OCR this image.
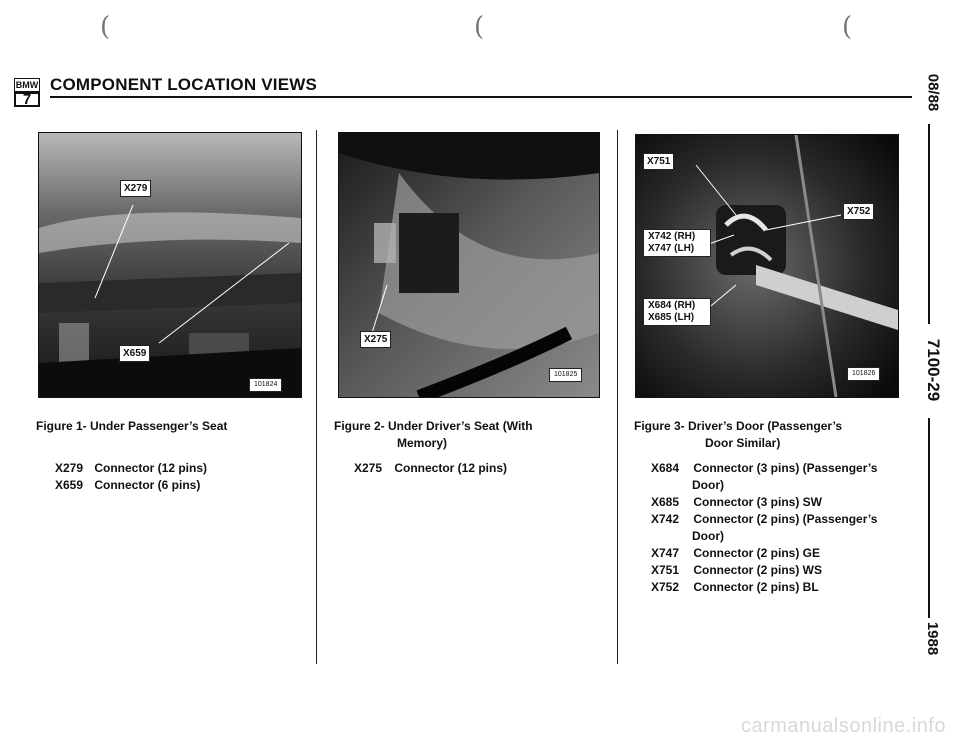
(	(	(
BMW
7
COMPONENT LOCATION VIEWS	08/88
7100-29
1988
X279
X659
101824
X275
101825
X751
X752
X742 (RH)
X747 (LH)
X684 (RH)
X685 (LH)
101826
Figure 1- Under Passenger’s Seat
X279 Connector (12 pins)
X659 Connector (6 pins)
Figure 2- Under Driver’s Seat (With
Memory)
X275 Connector (12 pins)
Figure 3- Driver’s Door (Passenger’s
Door Similar)
X684 Connector (3 pins) (Passenger’s
Door)
X685 Connector (3 pins) SW
X742 Connector (2 pins) (Passenger’s
Door)
X747 Connector (2 pins) GE
X751 Connector (2 pins) WS
X752 Connector (2 pins) BL
carmanualsonline.info
